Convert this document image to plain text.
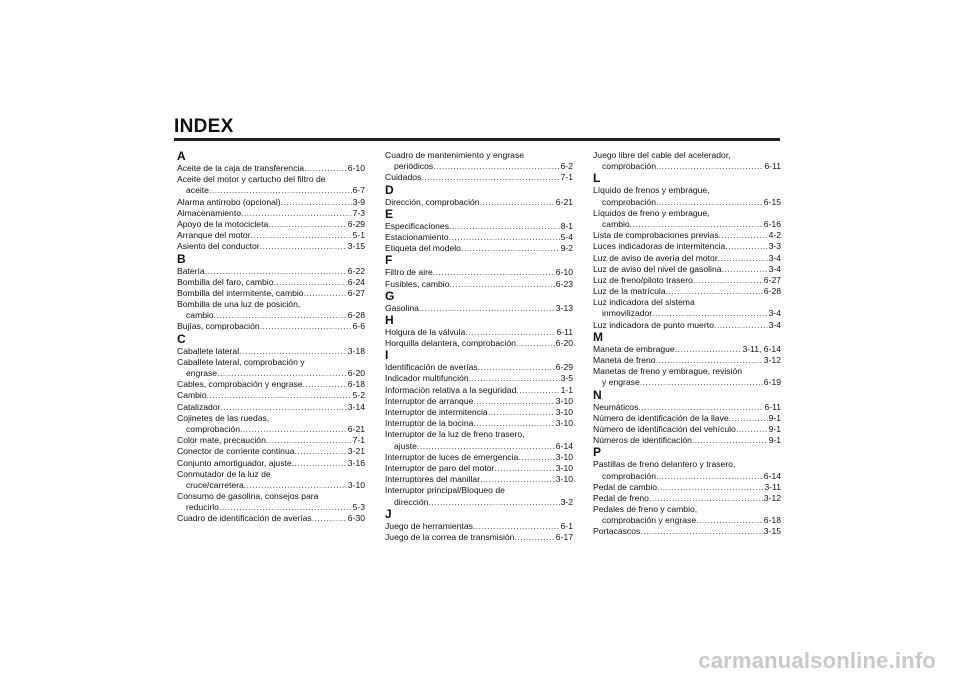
INDEX
A
Aceite de la caja de transferencia .....	6-10
Aceite del motor y cartucho del filtro de
aceite .....	6-7
Alarma antirrobo (opcional) .....	3-9
Almacenamiento .....	7-3
Apoyo de la motocicleta .....	6-29
Arranque del motor .....	5-1
Asiento del conductor .....	3-15
B
Batería .....	6-22
Bombilla del faro, cambio .....	6-24
Bombilla del intermitente, cambio .....	6-27
Bombilla de una luz de posición,
cambio .....	6-28
Bujías, comprobación .....	6-6
C
Caballete lateral .....	3-18
Caballete lateral, comprobación y
engrase .....	6-20
Cables, comprobación y engrase .....	6-18
Cambio .....	5-2
Catalizador .....	3-14
Cojinetes de las ruedas,
comprobación .....	6-21
Color mate, precaución .....	7-1
Conector de corriente continua .....	3-21
Conjunto amortiguador, ajuste .....	3-16
Conmutador de la luz de
cruce/carretera .....	3-10
Consumo de gasolina, consejos para
reducirlo .....	5-3
Cuadro de identificación de averías .....	6-30
Cuadro de mantenimiento y engrase
periódicos .....	6-2
Cuidados .....	7-1
D
Dirección, comprobación .....	6-21
E
Especificaciones .....	8-1
Estacionamiento .....	5-4
Etiqueta del modelo .....	9-2
F
Filtro de aire .....	6-10
Fusibles, cambio .....	6-23
G
Gasolina .....	3-13
H
Holgura de la válvula .....	6-11
Horquilla delantera, comprobación .....	6-20
I
Identificación de averías .....	6-29
Indicador multifunción .....	3-5
Información relativa a la seguridad .....	1-1
Interruptor de arranque .....	3-10
Interruptor de intermitencia .....	3-10
Interruptor de la bocina .....	3-10
Interruptor de la luz de freno trasero,
ajuste .....	6-14
Interruptor de luces de emergencia .....	3-10
Interruptor de paro del motor .....	3-10
Interruptores del manillar .....	3-10
Interruptor principal/Bloqueo de
dirección .....	3-2
J
Juego de herramientas .....	6-1
Juego de la correa de transmisión .....	6-17
Juego libre del cable del acelerador,
comprobación .....	6-11
L
Líquido de frenos y embrague,
comprobación .....	6-15
Líquidos de freno y embrague,
cambio .....	6-16
Lista de comprobaciones previas .....	4-2
Luces indicadoras de intermitencia .....	3-3
Luz de aviso de avería del motor .....	3-4
Luz de aviso del nivel de gasolina .....	3-4
Luz de freno/piloto trasero .....	6-27
Luz de la matrícula .....	6-28
Luz indicadora del sistema
inmovilizador .....	3-4
Luz indicadora de punto muerto .....	3-4
M
Maneta de embrague .....	3-11, 6-14
Maneta de freno .....	3-12
Manetas de freno y embrague, revisión
y engrase .....	6-19
N
Neumáticos .....	6-11
Número de identificación de la llave .....	9-1
Número de identificación del vehículo .....	9-1
Números de identificación .....	9-1
P
Pastillas de freno delantero y trasero,
comprobación .....	6-14
Pedal de cambio .....	3-11
Pedal de freno .....	3-12
Pedales de freno y cambio,
comprobación y engrase .....	6-18
Portacascos .....	3-15
carmanualsonline.info
